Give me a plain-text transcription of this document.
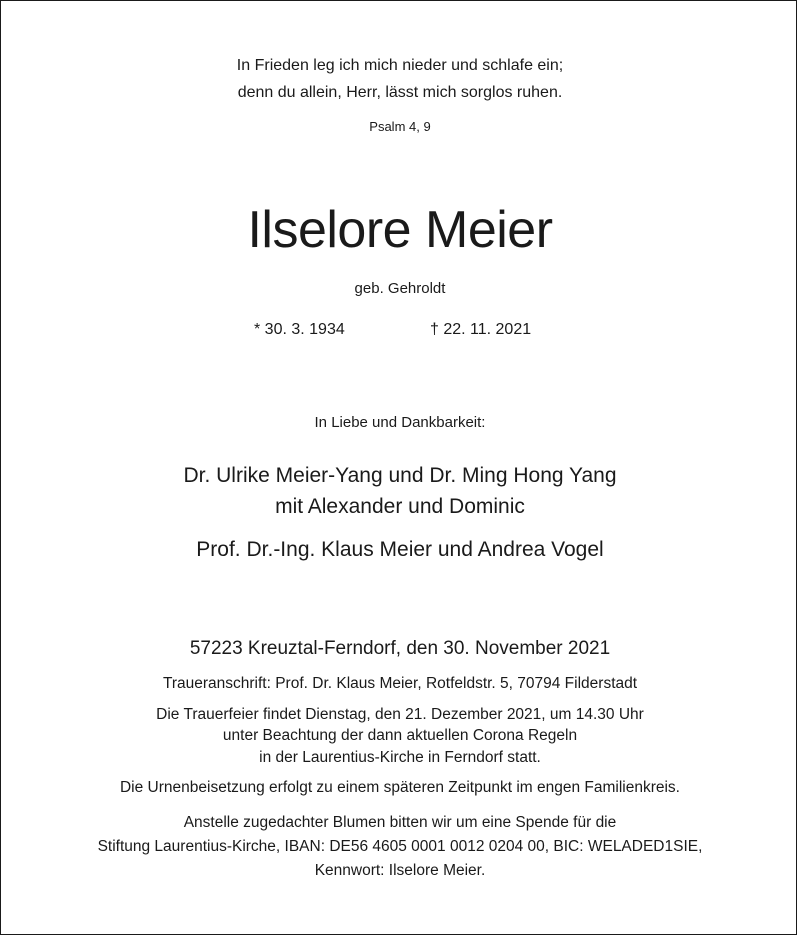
In Frieden leg ich mich nieder und schlafe ein;
denn du allein, Herr, lässt mich sorglos ruhen.
Psalm 4, 9
Ilselore Meier
geb. Gehroldt
* 30. 3. 1934	† 22. 11. 2021
In Liebe und Dankbarkeit:
Dr. Ulrike Meier-Yang und Dr. Ming Hong Yang
mit Alexander und Dominic
Prof. Dr.-Ing. Klaus Meier und Andrea Vogel
57223 Kreuztal-Ferndorf, den 30. November 2021
Traueranschrift: Prof. Dr. Klaus Meier, Rotfeldstr. 5, 70794 Filderstadt
Die Trauerfeier findet Dienstag, den 21. Dezember 2021, um 14.30 Uhr
unter Beachtung der dann aktuellen Corona Regeln
in der Laurentius-Kirche in Ferndorf statt.
Die Urnenbeisetzung erfolgt zu einem späteren Zeitpunkt im engen Familienkreis.
Anstelle zugedachter Blumen bitten wir um eine Spende für die
Stiftung Laurentius-Kirche, IBAN: DE56 4605 0001 0012 0204 00, BIC: WELADED1SIE,
Kennwort: Ilselore Meier.
